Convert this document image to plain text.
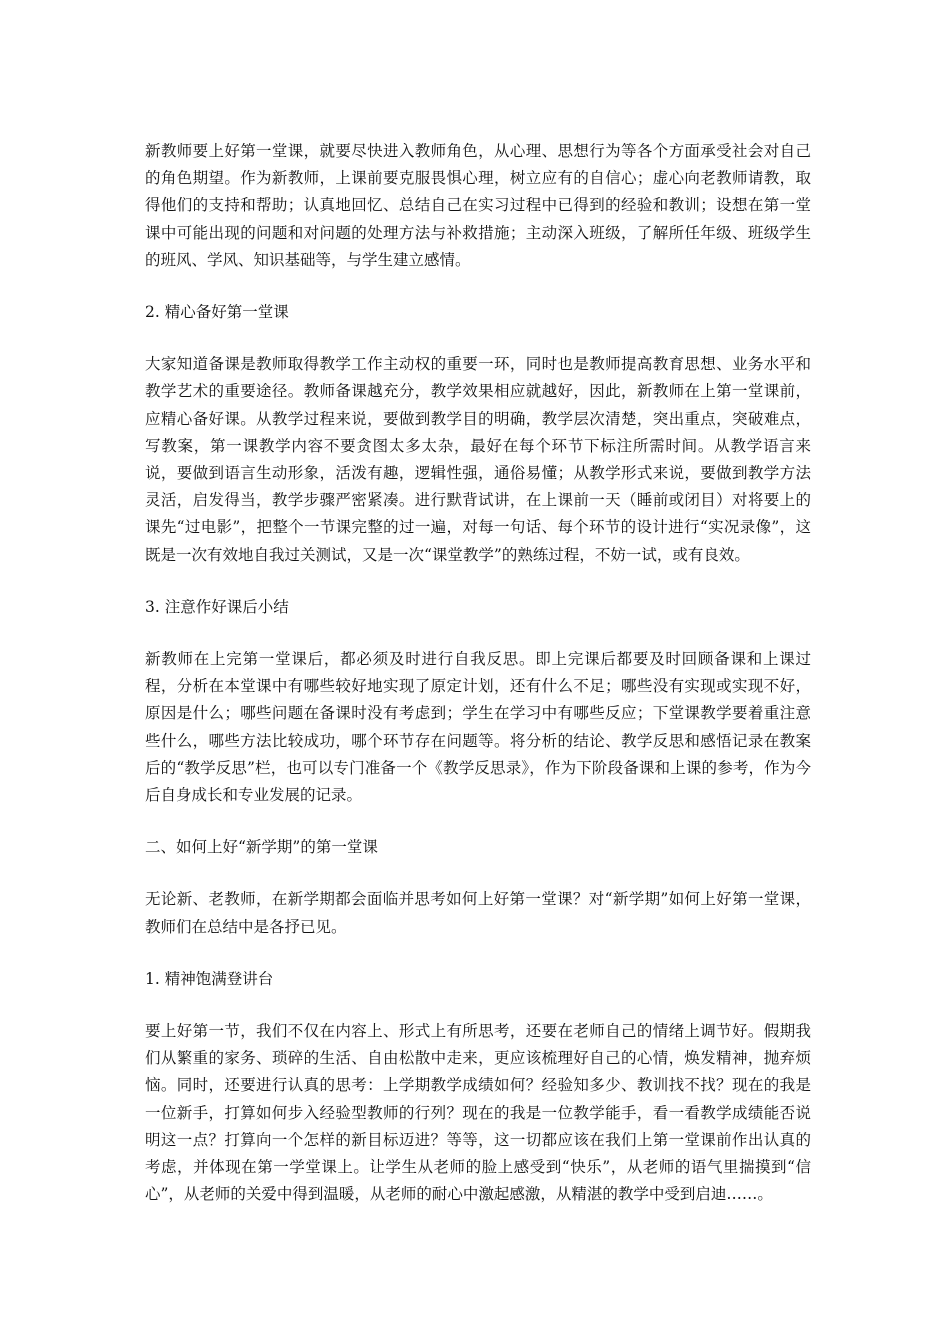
新教师要上好第一堂课，就要尽快进入教师角色，从心理、思想行为等各个方面承受社会对自己的角色期望。作为新教师，上课前要克服畏惧心理，树立应有的自信心；虚心向老教师请教，取得他们的支持和帮助；认真地回忆、总结自己在实习过程中已得到的经验和教训；设想在第一堂课中可能出现的问题和对问题的处理方法与补救措施；主动深入班级，了解所任年级、班级学生的班风、学风、知识基础等，与学生建立感情。

2. 精心备好第一堂课

大家知道备课是教师取得教学工作主动权的重要一环，同时也是教师提高教育思想、业务水平和教学艺术的重要途径。教师备课越充分，教学效果相应就越好，因此，新教师在上第一堂课前，应精心备好课。从教学过程来说，要做到教学目的明确，教学层次清楚，突出重点，突破难点，写教案，第一课教学内容不要贪图太多太杂，最好在每个环节下标注所需时间。从教学语言来说，要做到语言生动形象，活泼有趣，逻辑性强，通俗易懂；从教学形式来说，要做到教学方法灵活，启发得当，教学步骤严密紧凑。进行默背试讲，在上课前一天（睡前或闭目）对将要上的课先“过电影”，把整个一节课完整的过一遍，对每一句话、每个环节的设计进行“实况录像”，这既是一次有效地自我过关测试，又是一次“课堂教学”的熟练过程，不妨一试，或有良效。

3. 注意作好课后小结

新教师在上完第一堂课后，都必须及时进行自我反思。即上完课后都要及时回顾备课和上课过程，分析在本堂课中有哪些较好地实现了原定计划，还有什么不足；哪些没有实现或实现不好，原因是什么；哪些问题在备课时没有考虑到；学生在学习中有哪些反应；下堂课教学要着重注意些什么，哪些方法比较成功，哪个环节存在问题等。将分析的结论、教学反思和感悟记录在教案后的“教学反思”栏，也可以专门准备一个《教学反思录》，作为下阶段备课和上课的参考，作为今后自身成长和专业发展的记录。

二、如何上好“新学期”的第一堂课

无论新、老教师，在新学期都会面临并思考如何上好第一堂课？对“新学期”如何上好第一堂课，教师们在总结中是各抒已见。

1. 精神饱满登讲台

要上好第一节，我们不仅在内容上、形式上有所思考，还要在老师自己的情绪上调节好。假期我们从繁重的家务、琐碎的生活、自由松散中走来，更应该梳理好自己的心情，焕发精神，抛弃烦恼。同时，还要进行认真的思考：上学期教学成绩如何？经验知多少、教训找不找？现在的我是一位新手，打算如何步入经验型教师的行列？现在的我是一位教学能手，看一看教学成绩能否说明这一点？打算向一个怎样的新目标迈进？等等，这一切都应该在我们上第一堂课前作出认真的考虑，并体现在第一学堂课上。让学生从老师的脸上感受到“快乐”，从老师的语气里揣摸到“信心”，从老师的关爱中得到温暖，从老师的耐心中激起感激，从精湛的教学中受到启迪……。
